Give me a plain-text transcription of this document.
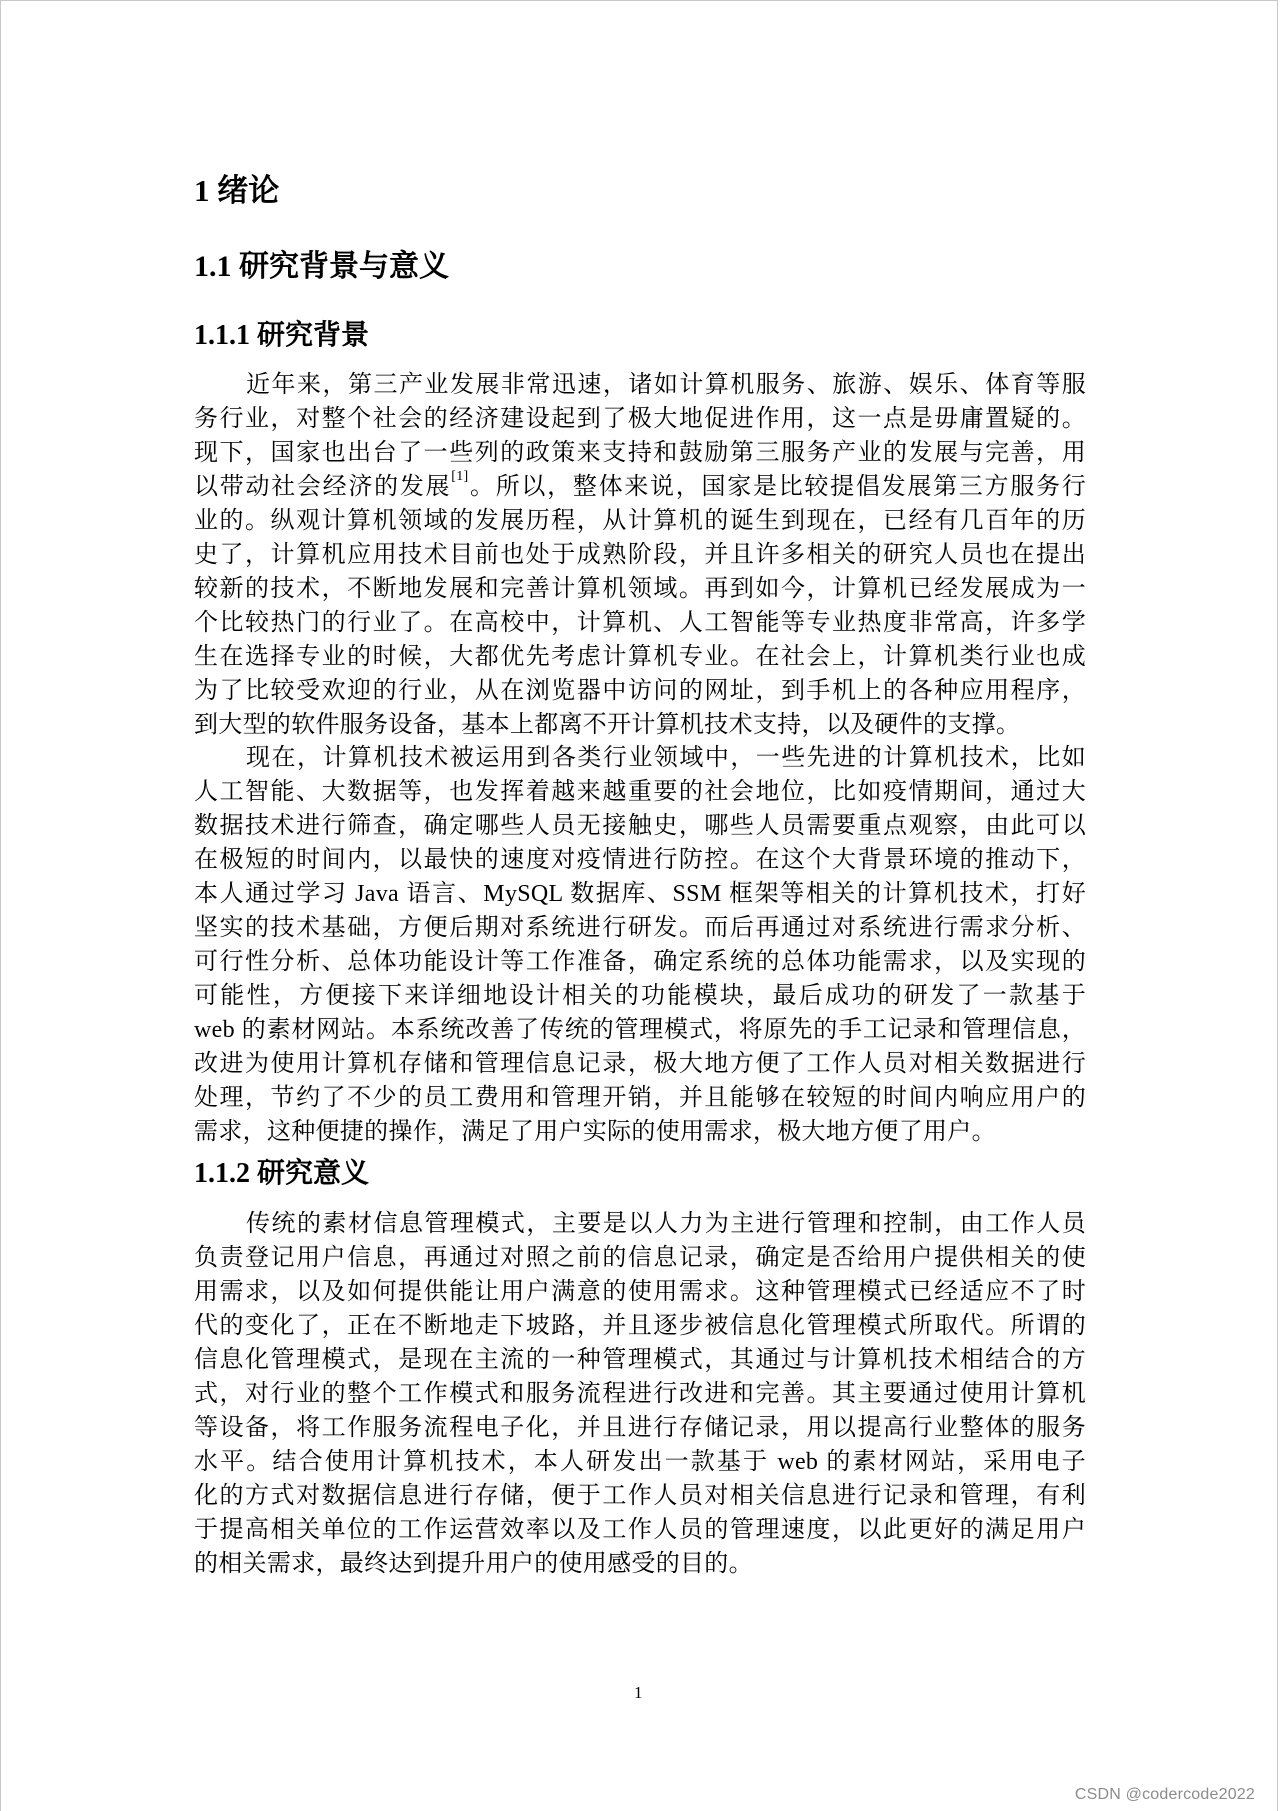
1 绪论
1.1 研究背景与意义
1.1.1 研究背景
近年来，第三产业发展非常迅速，诸如计算机服务、旅游、娱乐、体育等服
务行业，对整个社会的经济建设起到了极大地促进作用，这一点是毋庸置疑的。
现下，国家也出台了一些列的政策来支持和鼓励第三服务产业的发展与完善，用
以带动社会经济的发展[1]。所以，整体来说，国家是比较提倡发展第三方服务行
业的。纵观计算机领域的发展历程，从计算机的诞生到现在，已经有几百年的历
史了，计算机应用技术目前也处于成熟阶段，并且许多相关的研究人员也在提出
较新的技术，不断地发展和完善计算机领域。再到如今，计算机已经发展成为一
个比较热门的行业了。在高校中，计算机、人工智能等专业热度非常高，许多学
生在选择专业的时候，大都优先考虑计算机专业。在社会上，计算机类行业也成
为了比较受欢迎的行业，从在浏览器中访问的网址，到手机上的各种应用程序，
到大型的软件服务设备，基本上都离不开计算机技术支持，以及硬件的支撑。
现在，计算机技术被运用到各类行业领域中，一些先进的计算机技术，比如
人工智能、大数据等，也发挥着越来越重要的社会地位，比如疫情期间，通过大
数据技术进行筛查，确定哪些人员无接触史，哪些人员需要重点观察，由此可以
在极短的时间内，以最快的速度对疫情进行防控。在这个大背景环境的推动下，
本人通过学习 Java 语言、MySQL 数据库、SSM 框架等相关的计算机技术，打好
坚实的技术基础，方便后期对系统进行研发。而后再通过对系统进行需求分析、
可行性分析、总体功能设计等工作准备，确定系统的总体功能需求，以及实现的
可能性，方便接下来详细地设计相关的功能模块，最后成功的研发了一款基于
web 的素材网站。本系统改善了传统的管理模式，将原先的手工记录和管理信息，
改进为使用计算机存储和管理信息记录，极大地方便了工作人员对相关数据进行
处理，节约了不少的员工费用和管理开销，并且能够在较短的时间内响应用户的
需求，这种便捷的操作，满足了用户实际的使用需求，极大地方便了用户。
1.1.2 研究意义
传统的素材信息管理模式，主要是以人力为主进行管理和控制，由工作人员
负责登记用户信息，再通过对照之前的信息记录，确定是否给用户提供相关的使
用需求，以及如何提供能让用户满意的使用需求。这种管理模式已经适应不了时
代的变化了，正在不断地走下坡路，并且逐步被信息化管理模式所取代。所谓的
信息化管理模式，是现在主流的一种管理模式，其通过与计算机技术相结合的方
式，对行业的整个工作模式和服务流程进行改进和完善。其主要通过使用计算机
等设备，将工作服务流程电子化，并且进行存储记录，用以提高行业整体的服务
水平。结合使用计算机技术，本人研发出一款基于 web 的素材网站，采用电子
化的方式对数据信息进行存储，便于工作人员对相关信息进行记录和管理，有利
于提高相关单位的工作运营效率以及工作人员的管理速度，以此更好的满足用户
的相关需求，最终达到提升用户的使用感受的目的。
1
CSDN @codercode2022
